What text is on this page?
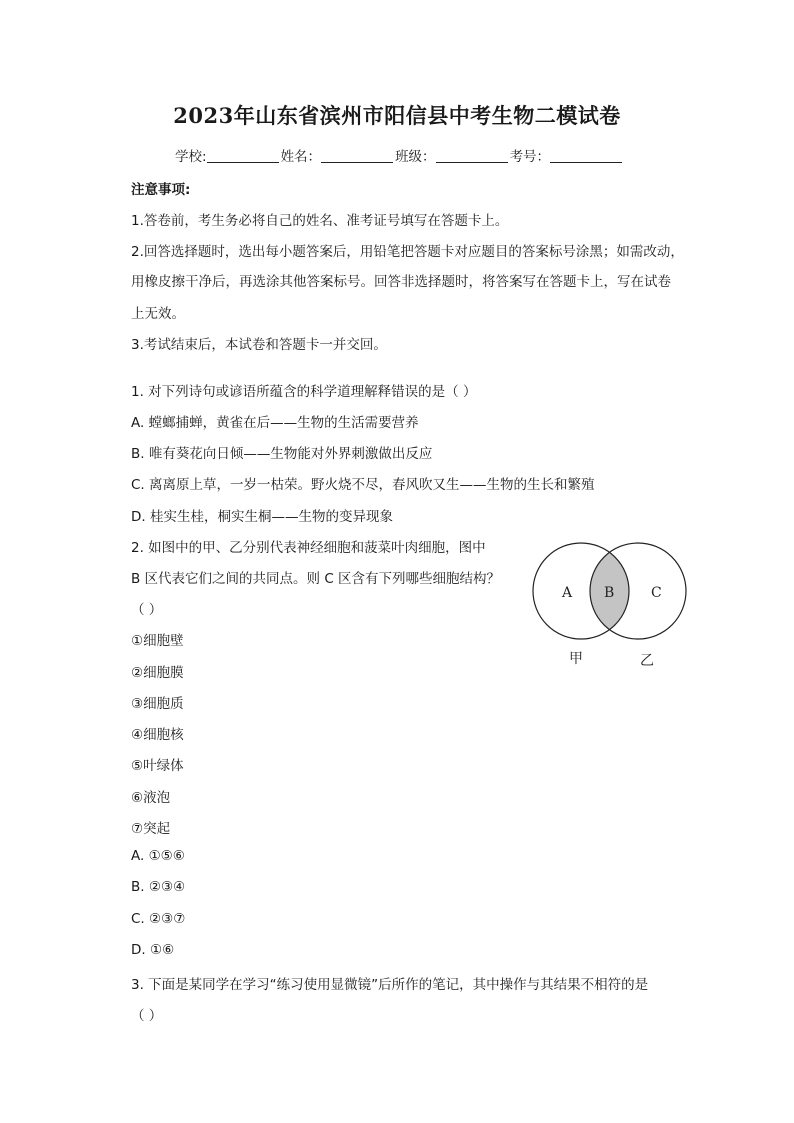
2023年山东省滨州市阳信县中考生物二模试卷
学校:	姓名：	班级：	考号：
注意事项:
1.答卷前，考生务必将自己的姓名、准考证号填写在答题卡上。
2.回答选择题时，选出每小题答案后，用铅笔把答题卡对应题目的答案标号涂黑；如需改动，
用橡皮擦干净后，再选涂其他答案标号。回答非选择题时，将答案写在答题卡上，写在试卷
上无效。
3.考试结束后，本试卷和答题卡一并交回。
1. 对下列诗句或谚语所蕴含的科学道理解释错误的是（ ）
A. 螳螂捕蝉，黄雀在后——生物的生活需要营养
B. 唯有葵花向日倾——生物能对外界刺激做出反应
C. 离离原上草，一岁一枯荣。野火烧不尽，春风吹又生——生物的生长和繁殖
D. 桂实生桂，桐实生桐——生物的变异现象
2. 如图中的甲、乙分别代表神经细胞和菠菜叶肉细胞，图中
B 区代表它们之间的共同点。则 C 区含有下列哪些细胞结构？
（ ）
①细胞壁
②细胞膜
③细胞质
④细胞核
⑤叶绿体
⑥液泡
⑦突起
A. ①⑤⑥
B. ②③④
C. ②③⑦
D. ①⑥
3. 下面是某同学在学习“练习使用显微镜”后所作的笔记，其中操作与其结果不相符的是
（ ）
A B	C
甲	乙
